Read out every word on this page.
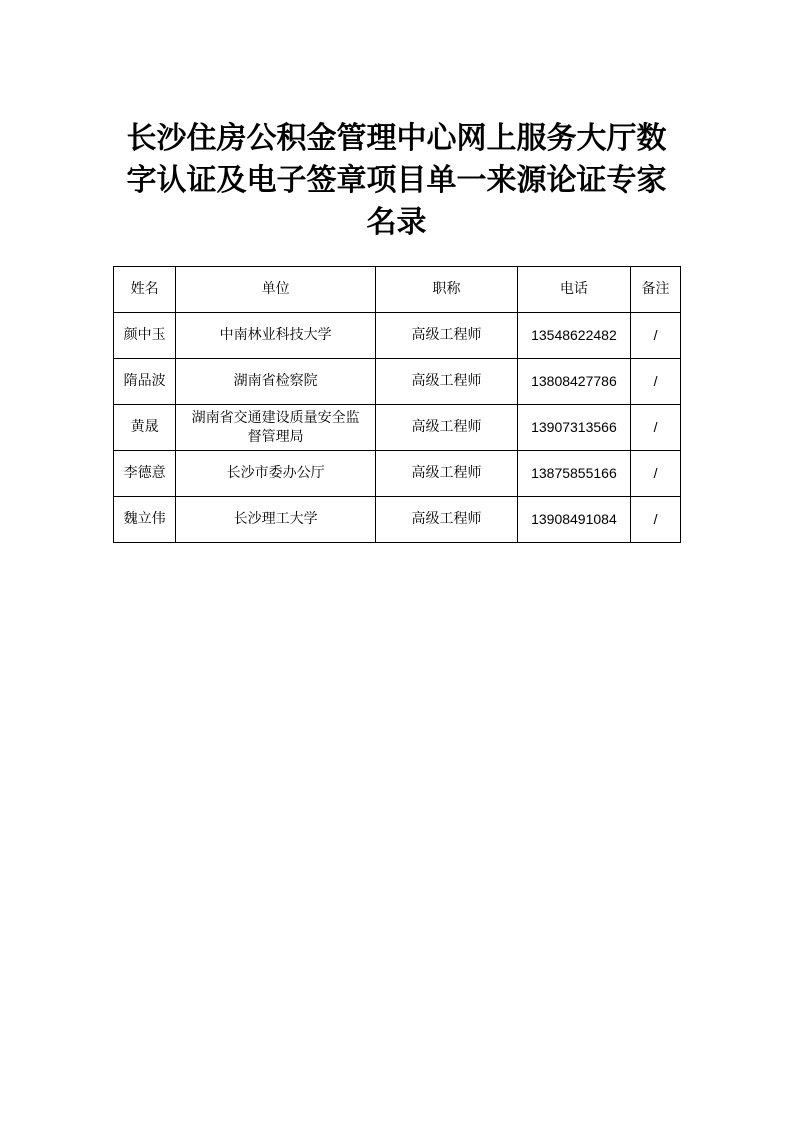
长沙住房公积金管理中心网上服务大厅数
字认证及电子签章项目单一来源论证专家
名录
姓名	单位	职称	电话	备注
颜中玉	中南林业科技大学	高级工程师	13548622482	/
隋品波	湖南省检察院	高级工程师	13808427786	/
黄晟	湖南省交通建设质量安全监督管理局	高级工程师	13907313566	/
李德意	长沙市委办公厅	高级工程师	13875855166	/
魏立伟	长沙理工大学	高级工程师	13908491084	/
